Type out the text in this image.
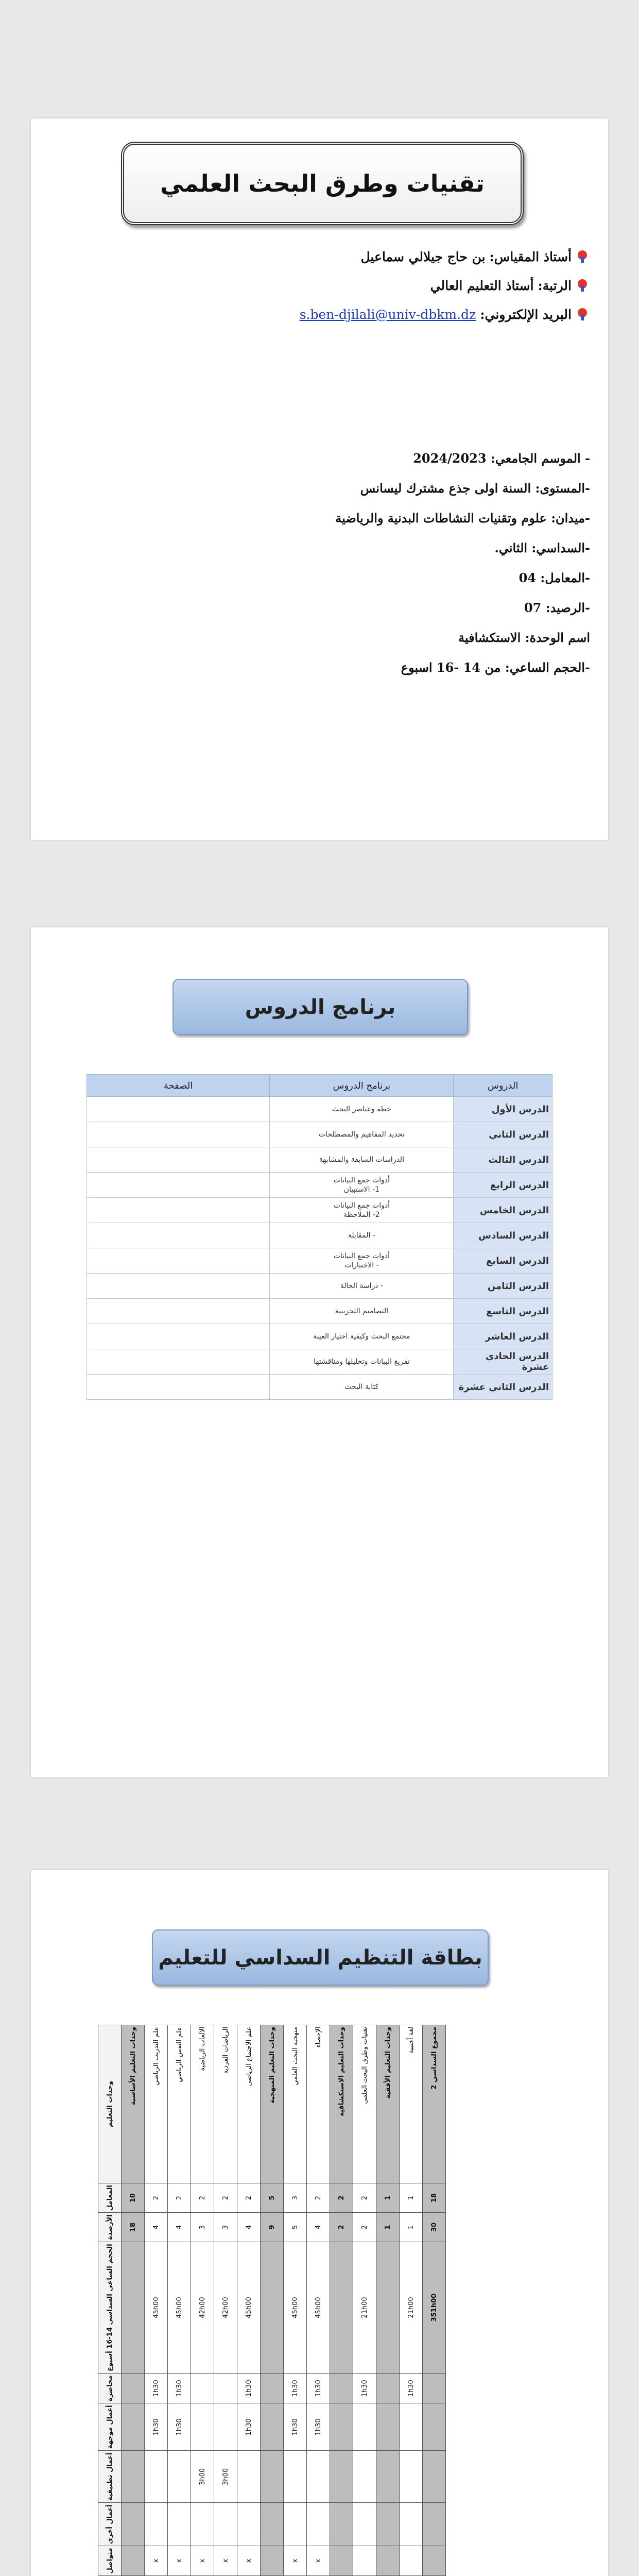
تقنيات وطرق البحث العلمي
أستاذ المقياس:

بن حاج جيلالي سماعيل
الرتبة:

أستاذ التعليم العالي
البريد الإلكتروني:
s.ben-djilali@univ-dbkm.dz
- الموسم الجامعي:

2024/2023
-المستوى: السنة اولى جذع مشترك ليسانس
-ميدان: علوم وتقنيات النشاطات البدنية والرياضية
-السداسي: الثاني.
-المعامل: 04
-الرصيد: 07
اسم الوحدة: الاستكشافية
-الحجم الساعي: من 14 -16 اسبوع
برنامج الدروس
الدروس	برنامج الدروس	الصفحة
الدرس الأول	خطة وعناصر البحث	

الدرس الثاني	تحديد المفاهيم والمصطلحات	

الدرس الثالث	الدراسات السابقة والمشابهة	

الدرس الرابع	أدوات جمع البيانات
1- الاستبيان	

الدرس الخامس	أدوات جمع البيانات
2- الملاحظة	

الدرس السادس	- المقابلة	

الدرس السابع	أدوات جمع البيانات
- الاختبارات	

الدرس الثامن	- دراسة الحالة	

الدرس التاسع	التصاميم التجريبية	

الدرس العاشر	مجتمع البحث وكيفية اختيار العينة	

الدرس الحادي عشرة	تفريغ البيانات وتحليلها ومناقشتها	

الدرس الثاني عشرة	كتابة البحث	

بطاقة التنظيم السداسي للتعليم
وحدات التعليم	المعامل	الأرصدة	الحجم الساعي السداسي 14-16 أسبوع	محاضرة	أعمال موجهة	أعمال تطبيقية	أعمال أخرى	متواصل	
وحدات التعليم الأساسية	10	18							
علم التدريب الرياضي	2	4	45h00	1h30	1h30			x	
علم النفس الرياضي	2	4	45h00	1h30	1h30			x	
الألعاب الرياضية	2	3	42h00			3h00		x	
الرياضات الفردية	2	3	42h00			3h00		x	
علم الاجتماع الرياضي	2	4	45h00	1h30	1h30			x	
وحدات التعليم المنهجية	5	9							
منهجية البحث العلمي	3	5	45h00	1h30	1h30			x	
الإحصاء	2	4	45h00	1h30	1h30			x	
وحدات التعليم الاستكشافية	2	2							
تقنيات وطرق البحث العلمي	2	2	21h00	1h30					
وحدات التعليم الأفقية	1	1							
لغة أجنبية	1	1	21h00	1h30					
مجموع السداسي 2	18	30	351h00						
